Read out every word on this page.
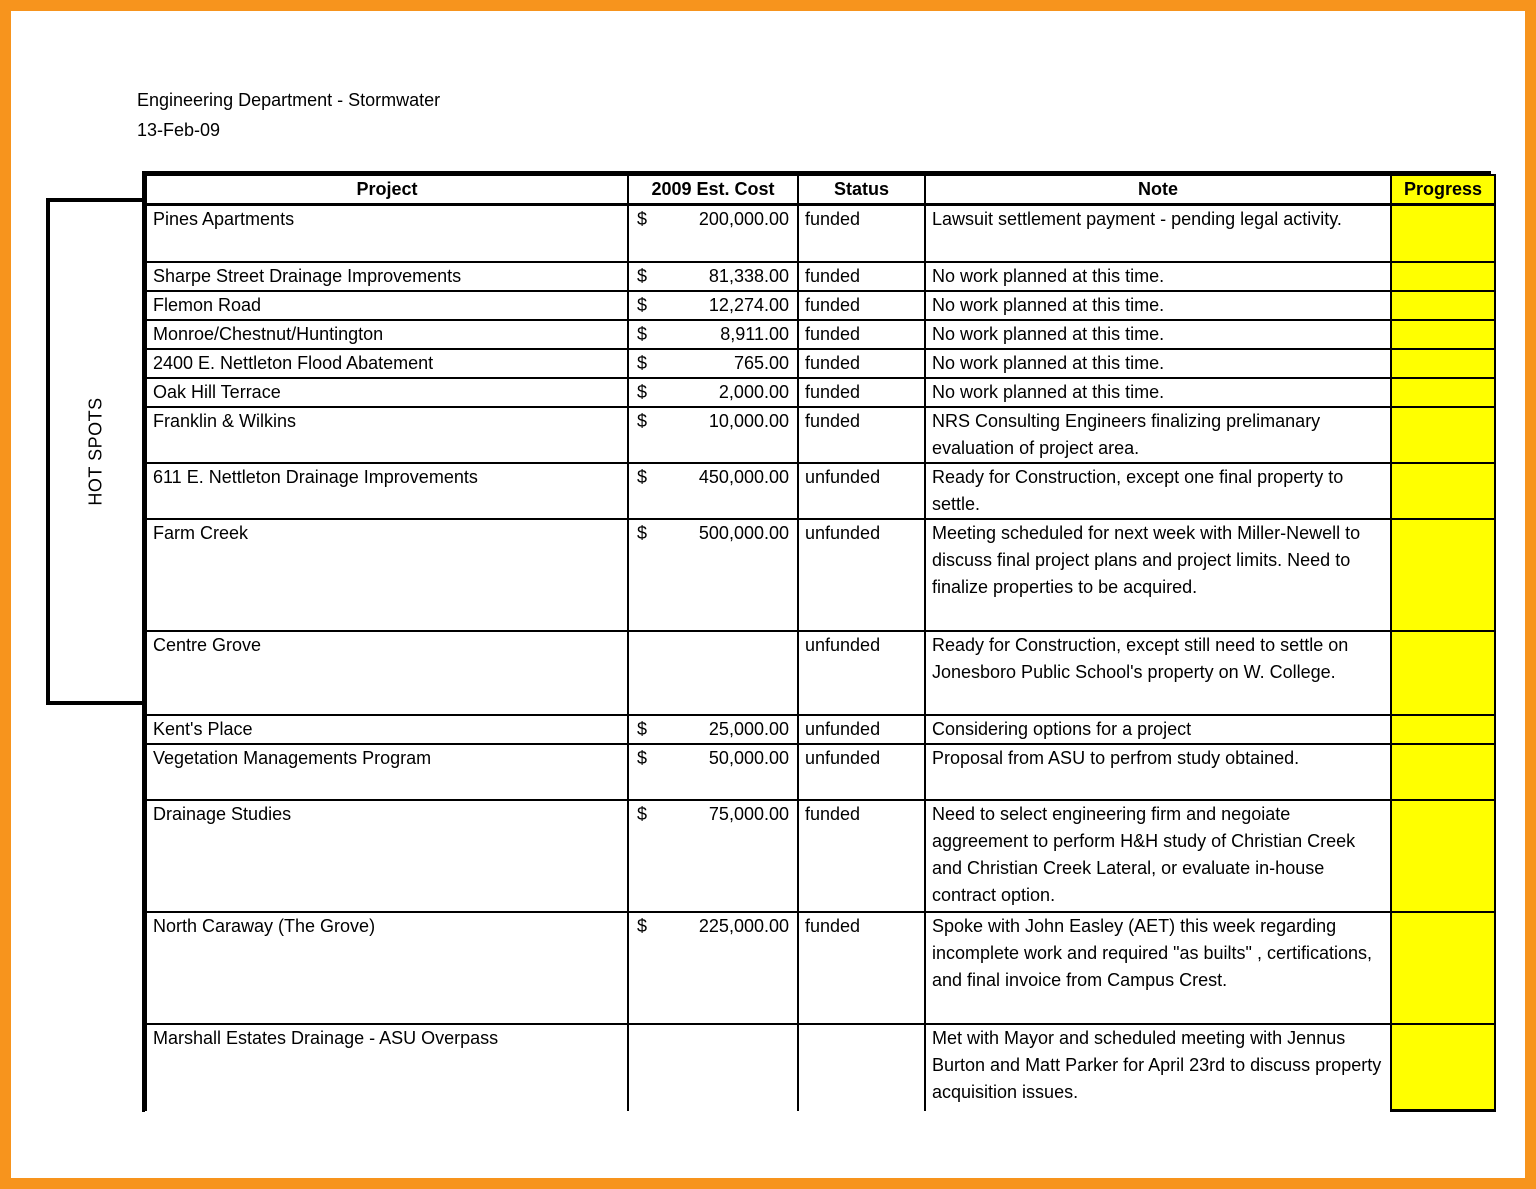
Engineering Department - Stormwater
13-Feb-09
HOT SPOTS
Project	2009 Est. Cost	Status	Note	Progress
Pines Apartments	$ 200,000.00	funded	Lawsuit settlement payment - pending legal activity.	
Sharpe Street Drainage Improvements	$ 81,338.00	funded	No work planned at this time.	
Flemon Road	$ 12,274.00	funded	No work planned at this time.	
Monroe/Chestnut/Huntington	$ 8,911.00	funded	No work planned at this time.	
2400 E. Nettleton Flood Abatement	$ 765.00	funded	No work planned at this time.	
Oak Hill Terrace	$ 2,000.00	funded	No work planned at this time.	
Franklin & Wilkins	$ 10,000.00	funded	NRS Consulting Engineers finalizing prelimanary evaluation of project area.	
611 E. Nettleton Drainage Improvements	$ 450,000.00	unfunded	Ready for Construction, except one final property to settle.	
Farm Creek	$ 500,000.00	unfunded	Meeting scheduled for next week with Miller-Newell to discuss final project plans and project limits. Need to finalize properties to be acquired.	
Centre Grove		unfunded	Ready for Construction, except still need to settle on Jonesboro Public School's property on W. College.	
Kent's Place	$ 25,000.00	unfunded	Considering options for a project	
Vegetation Managements Program	$ 50,000.00	unfunded	Proposal from ASU to perfrom study obtained.	
Drainage Studies	$ 75,000.00	funded	Need to select engineering firm and negoiate aggreement to perform H&H study of Christian Creek and Christian Creek Lateral, or evaluate in-house contract option.	
North Caraway (The Grove)	$ 225,000.00	funded	Spoke with John Easley (AET) this week regarding incomplete work and required "as builts" , certifications, and final invoice from Campus Crest.	
Marshall Estates Drainage - ASU Overpass			Met with Mayor and scheduled meeting with Jennus Burton and Matt Parker for April 23rd to discuss property acquisition issues.	
